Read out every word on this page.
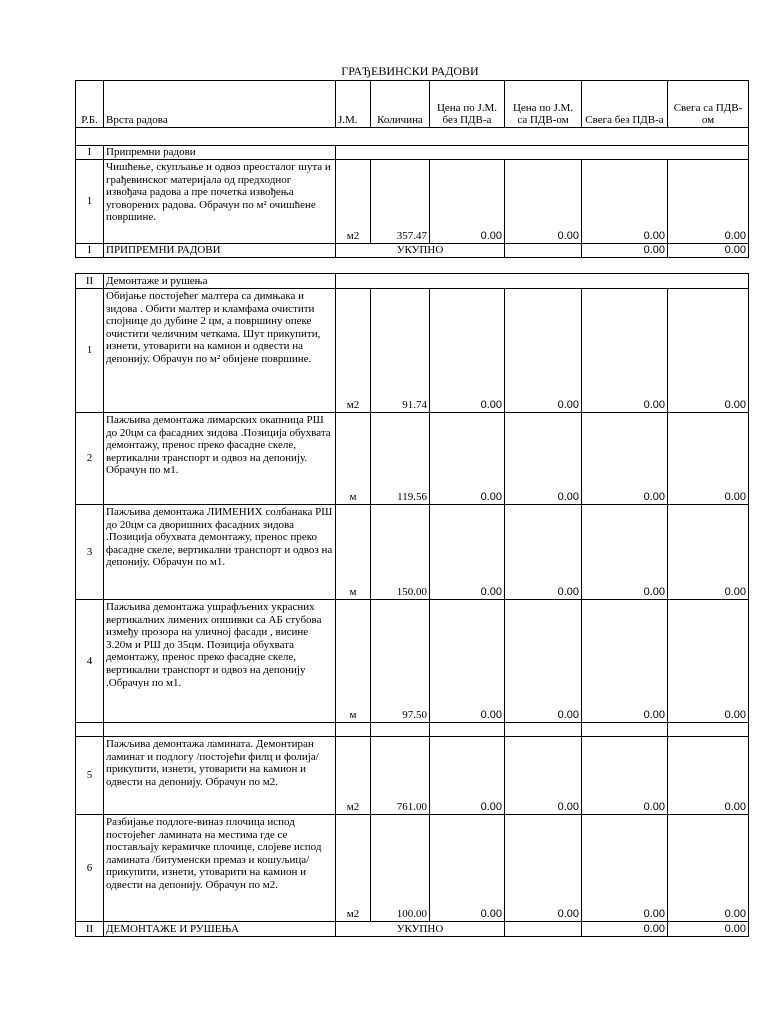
ГРАЂЕВИНСКИ РАДОВИ
Р.Б.	Врста радова	Ј.М.	Количина	Цена по Ј.М. без ПДВ-а	Цена по Ј.М. са ПДВ-ом	Свега без ПДВ-а	Свега са ПДВ-ом

I	Припремни радови						
1	Чишћење, скупљање и одвоз преосталог шута и грађевинског материјала од предходног извођача радова а пре почетка извођења уговорених радова. Обрачун по м² очишћене површине.	м2	357.47	0.00	0.00	0.00	0.00
I	ПРИПРЕМНИ РАДОВИ	УКУПНО				0.00	0.00

II	Демонтаже и рушења						
1	Обијање постојећег малтера са димњака и зидова . Обити малтер и кламфама очистити спојнице до дубине 2 цм, а површину опеке очистити челичним четкама. Шут прикупити, изнети, утоварити на камион и одвести на депонију. Обрачун по м² обијене површине.	м2	91.74	0.00	0.00	0.00	0.00
2	Пажљива демонтажа лимарских окапница РШ до 20цм са фасадних зидова .Позиција обухвата демонтажу, пренос преко фасадне скеле, вертикални транспорт и одвоз на депонију. Обрачун по м1.	м	119.56	0.00	0.00	0.00	0.00
3	Пажљива демонтажа ЛИМЕНИХ солбанака РШ до 20цм са дворишних фасадних зидова .Позиција обухвата демонтажу, пренос преко фасадне скеле, вертикални транспорт и одвоз на депонију. Обрачун по м1.	м	150.00	0.00	0.00	0.00	0.00
4	Пажљива демонтажа ушрафљених украсних вертикалних лимених опшивки са АБ стубова између прозора на уличној фасади , висине 3.20м и РШ до 35цм. Позиција обухвата демонтажу, пренос преко фасадне скеле, вертикални транспорт и одвоз на депонију .Обрачун по м1.	м	97.50	0.00	0.00	0.00	0.00

5	Пажљива демонтажа ламината. Демонтиран ламинат и подлогу /постојећи филц и фолија/ прикупити, изнети, утоварити на камион и одвести на депонију. Обрачун по м2.	м2	761.00	0.00	0.00	0.00	0.00
6	Разбијање подлоге-виназ плочица испод постојећег ламината на местима где се постављају керамичке плочице, слојеве испод ламината /битуменски премаз и кошуљица/ прикупити, изнети, утоварити на камион и одвести на депонију. Обрачун по м2.	м2	100.00	0.00	0.00	0.00	0.00
II	ДЕМОНТАЖЕ И РУШЕЊА	УКУПНО				0.00	0.00
